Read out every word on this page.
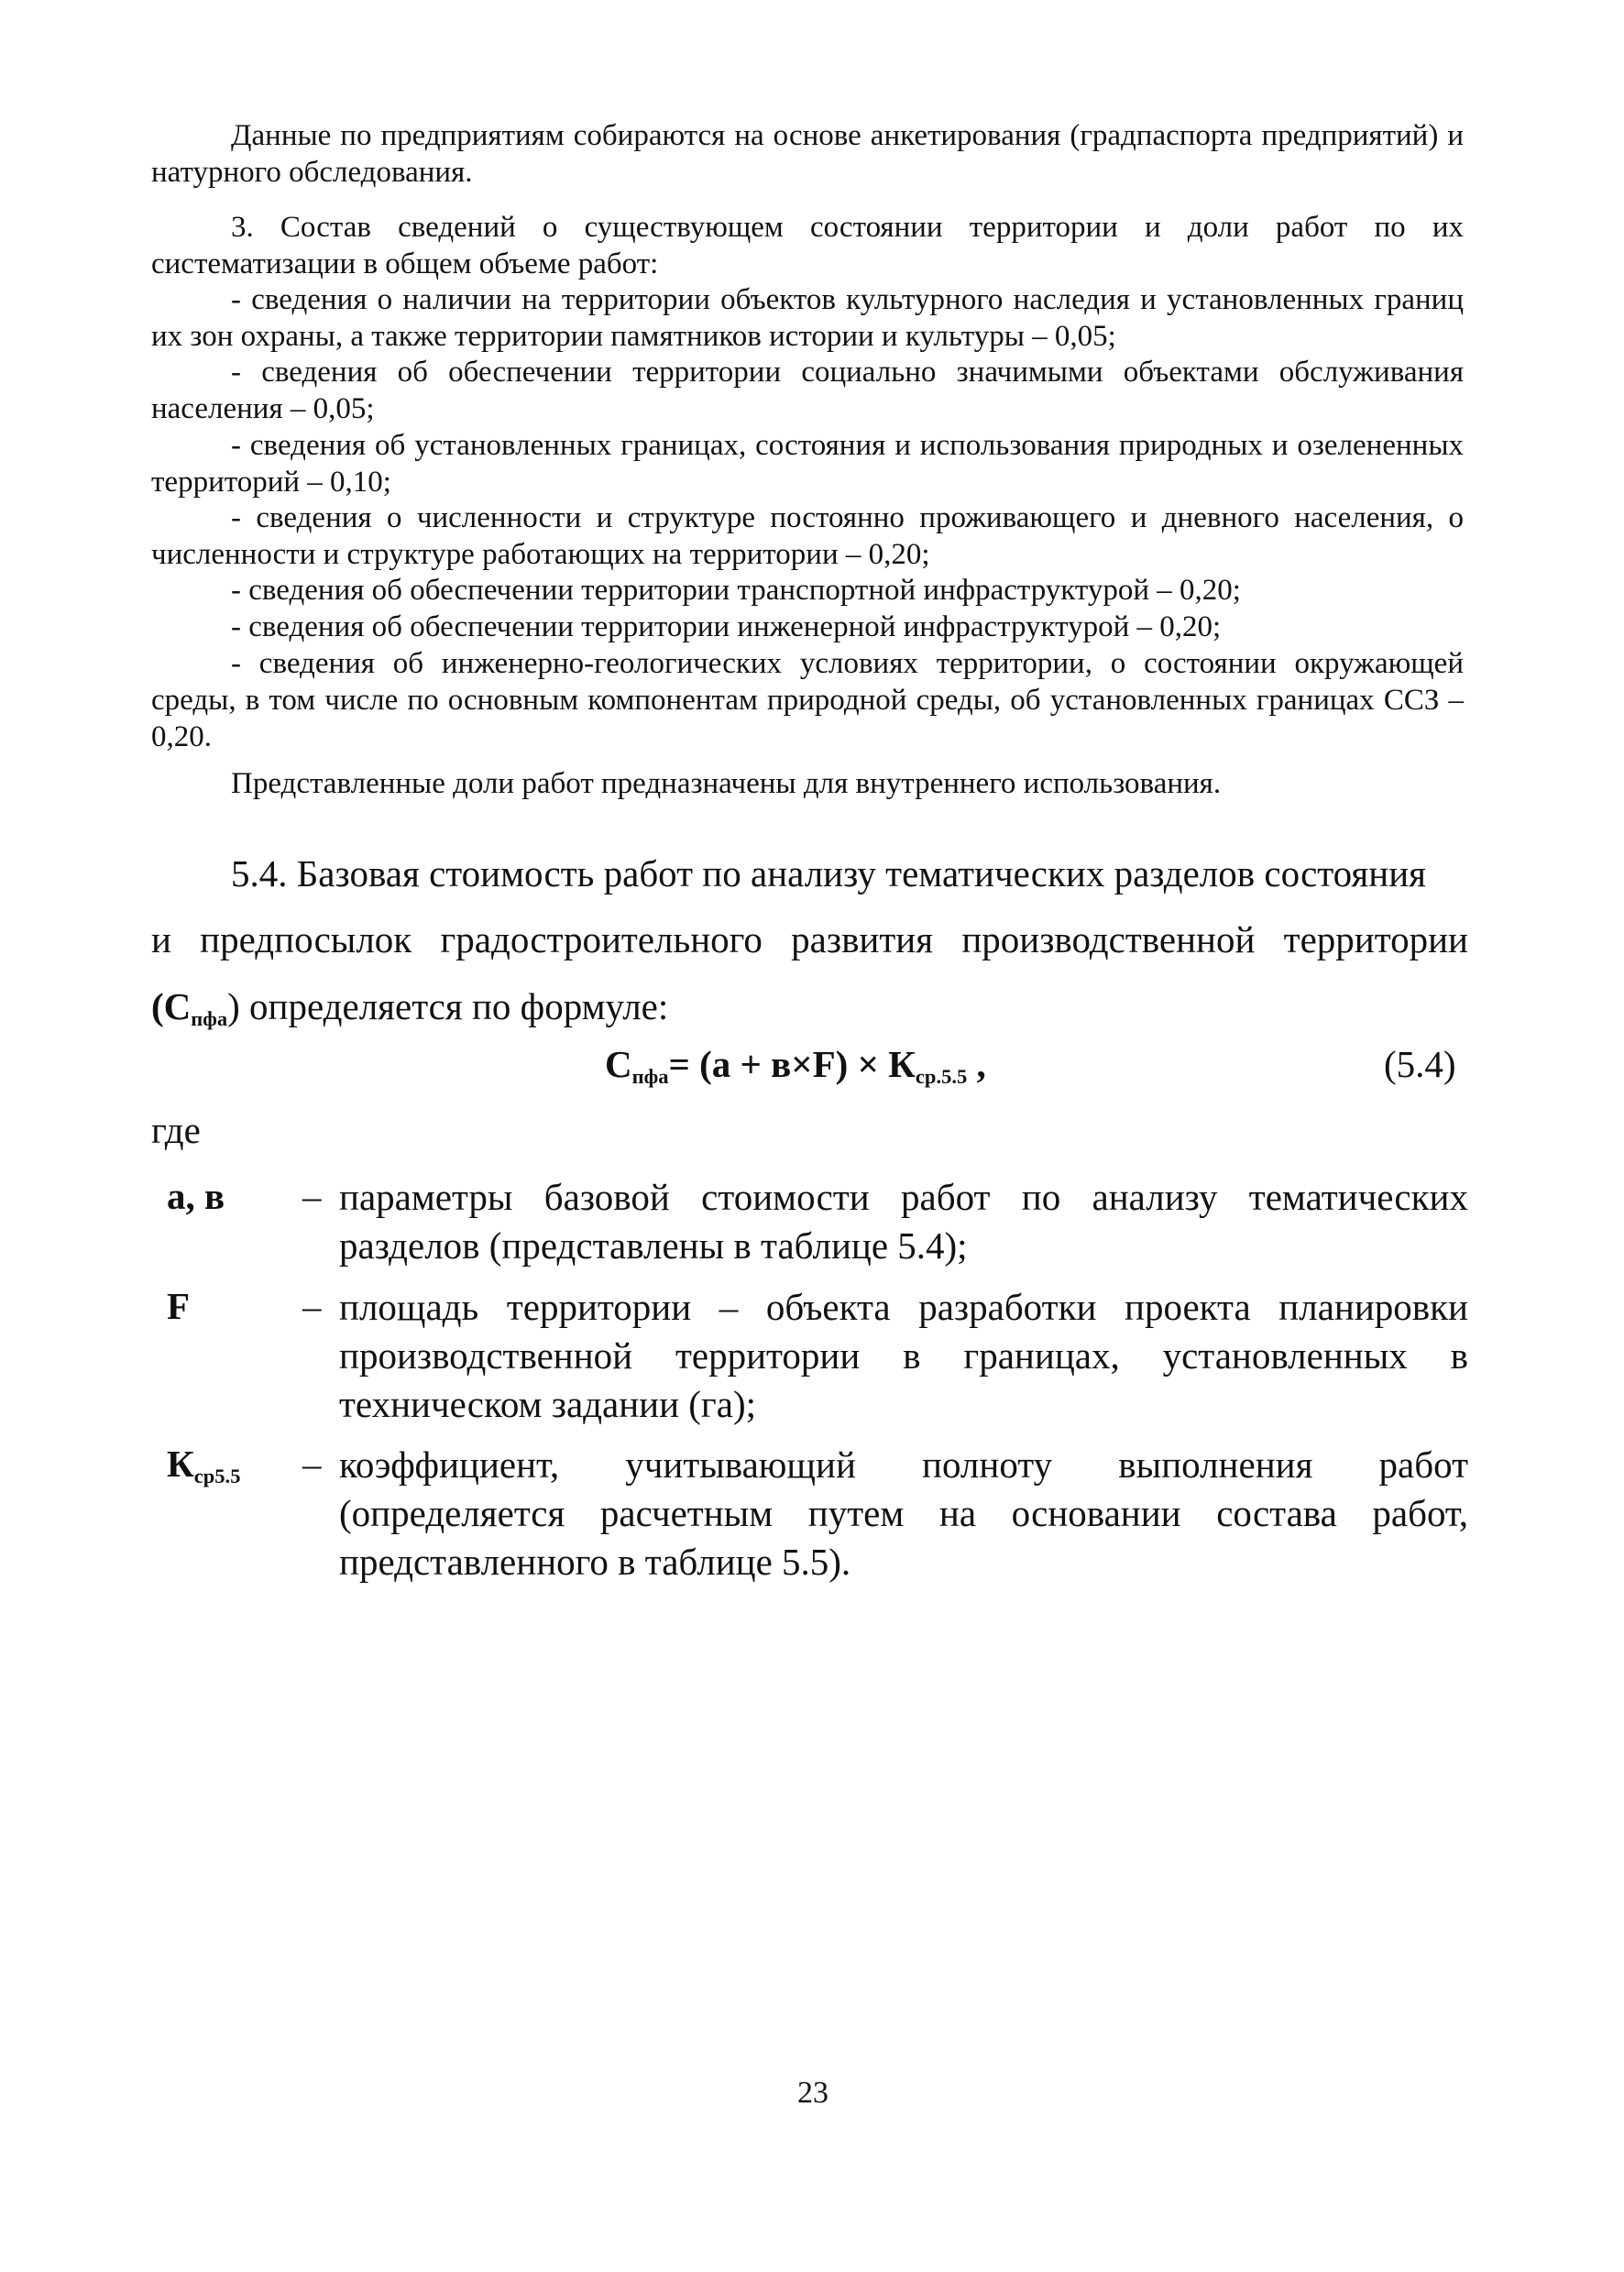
Данные по предприятиям собираются на основе анкетирования (градпаспорта предприятий) и натурного обследования.

3. Состав сведений о существующем состоянии территории и доли работ по их систематизации в общем объеме работ:

- сведения о наличии на территории объектов культурного наследия и установленных границ их зон охраны, а также территории памятников истории и культуры – 0,05;

- сведения об обеспечении территории социально значимыми объектами обслуживания населения – 0,05;

- сведения об установленных границах, состояния и использования природных и озелененных территорий – 0,10;

- сведения о численности и структуре постоянно проживающего и дневного населения, о численности и структуре работающих на территории – 0,20;

- сведения об обеспечении территории транспортной инфраструктурой – 0,20;

- сведения об обеспечении территории инженерной инфраструктурой – 0,20;

- сведения об инженерно-геологических условиях территории, о состоянии окружающей среды, в том числе по основным компонентам природной среды, об установленных границах ССЗ – 0,20.

Представленные доли работ предназначены для внутреннего использования.

5.4. Базовая стоимость работ по анализу тематических разделов состояния

и предпосылок градостроительного развития производственной территории

$(С_{пфа})$ определяется по формуле:

$С_{пфа}= (а + в\times F) \times К_{ср.5.5}$ ,	(5.4)

где

а, в – параметры базовой стоимости работ по анализу тематических разделов (представлены в таблице 5.4);
F	– площадь территории – объекта разработки проекта планировки производственной территории в границах, установленных в техническом задании (га);
$К_{ср5.5}$ – коэффициент, учитывающий полноту выполнения работ (определяется расчетным путем на основании состава работ, представленного в таблице 5.5).
23
